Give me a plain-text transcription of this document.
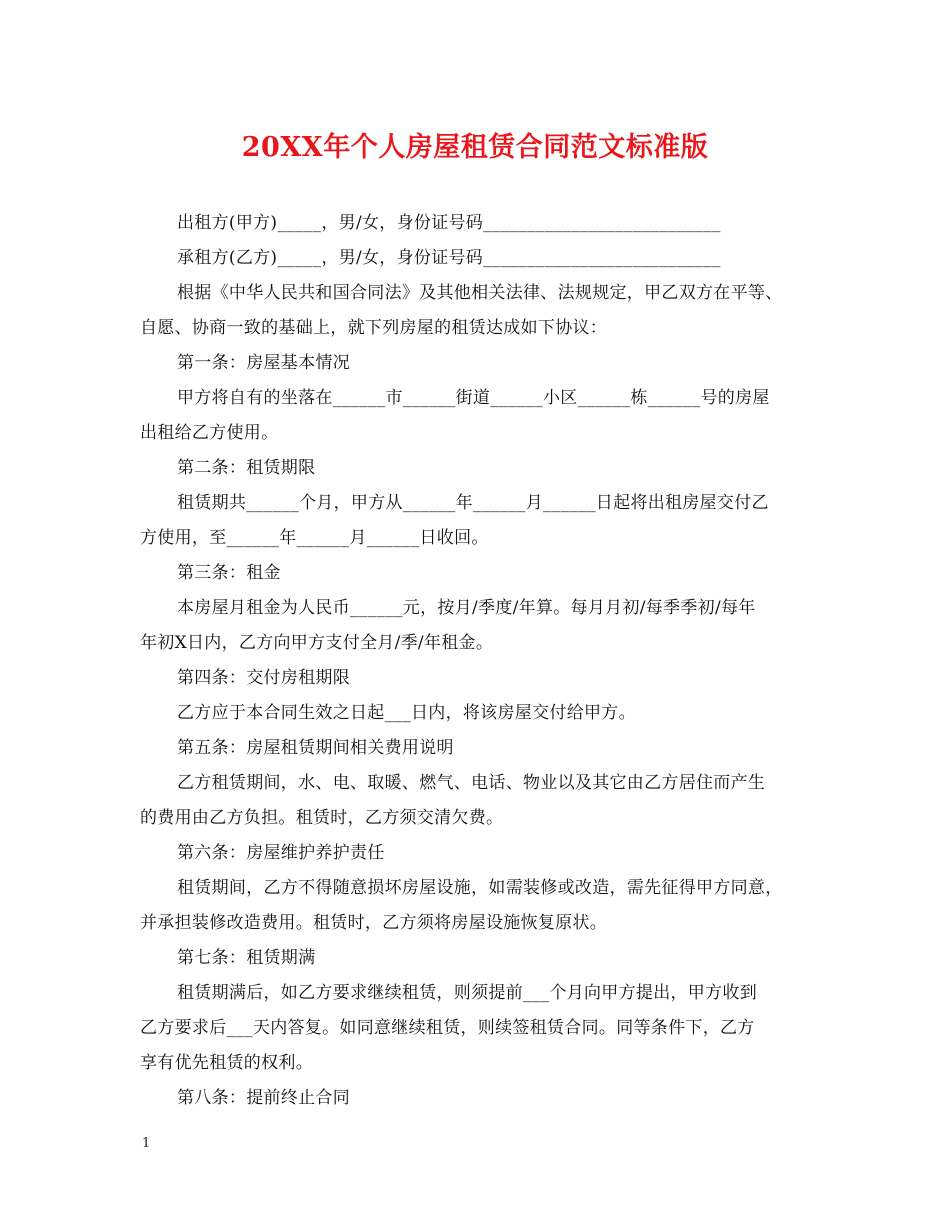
20XX年个人房屋租赁合同范文标准版
出租方(甲方)_____，男/女，身份证号码___________________________
承租方(乙方)_____，男/女，身份证号码___________________________
根据《中华人民共和国合同法》及其他相关法律、法规规定，甲乙双方在平等、
自愿、协商一致的基础上，就下列房屋的租赁达成如下协议：
第一条：房屋基本情况
甲方将自有的坐落在______市______街道______小区______栋______号的房屋
出租给乙方使用。
第二条：租赁期限
租赁期共______个月，甲方从______年______月______日起将出租房屋交付乙
方使用，至______年______月______日收回。
第三条：租金
本房屋月租金为人民币______元，按月/季度/年算。每月月初/每季季初/每年
年初X日内，乙方向甲方支付全月/季/年租金。
第四条：交付房租期限
乙方应于本合同生效之日起___日内，将该房屋交付给甲方。
第五条：房屋租赁期间相关费用说明
乙方租赁期间，水、电、取暖、燃气、电话、物业以及其它由乙方居住而产生
的费用由乙方负担。租赁时，乙方须交清欠费。
第六条：房屋维护养护责任
租赁期间，乙方不得随意损坏房屋设施，如需装修或改造，需先征得甲方同意，
并承担装修改造费用。租赁时，乙方须将房屋设施恢复原状。
第七条：租赁期满
租赁期满后，如乙方要求继续租赁，则须提前___个月向甲方提出，甲方收到
乙方要求后___天内答复。如同意继续租赁，则续签租赁合同。同等条件下，乙方
享有优先租赁的权利。
第八条：提前终止合同
1
